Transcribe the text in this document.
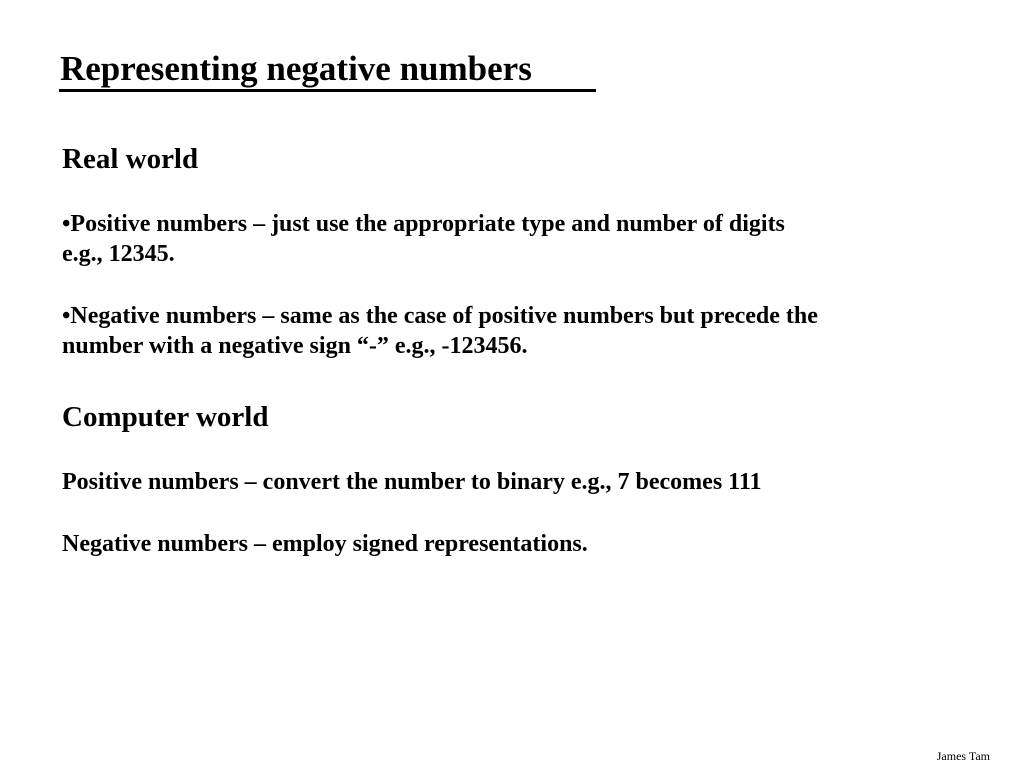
Representing negative numbers
Real world

•Positive numbers – just use the appropriate type and number of digits
e.g., 12345.

•Negative numbers – same as the case of positive numbers but precede the
number with a negative sign “-” e.g., -123456.

Computer world

Positive numbers – convert the number to binary e.g., 7 becomes 111

Negative numbers – employ signed representations.

James Tam
